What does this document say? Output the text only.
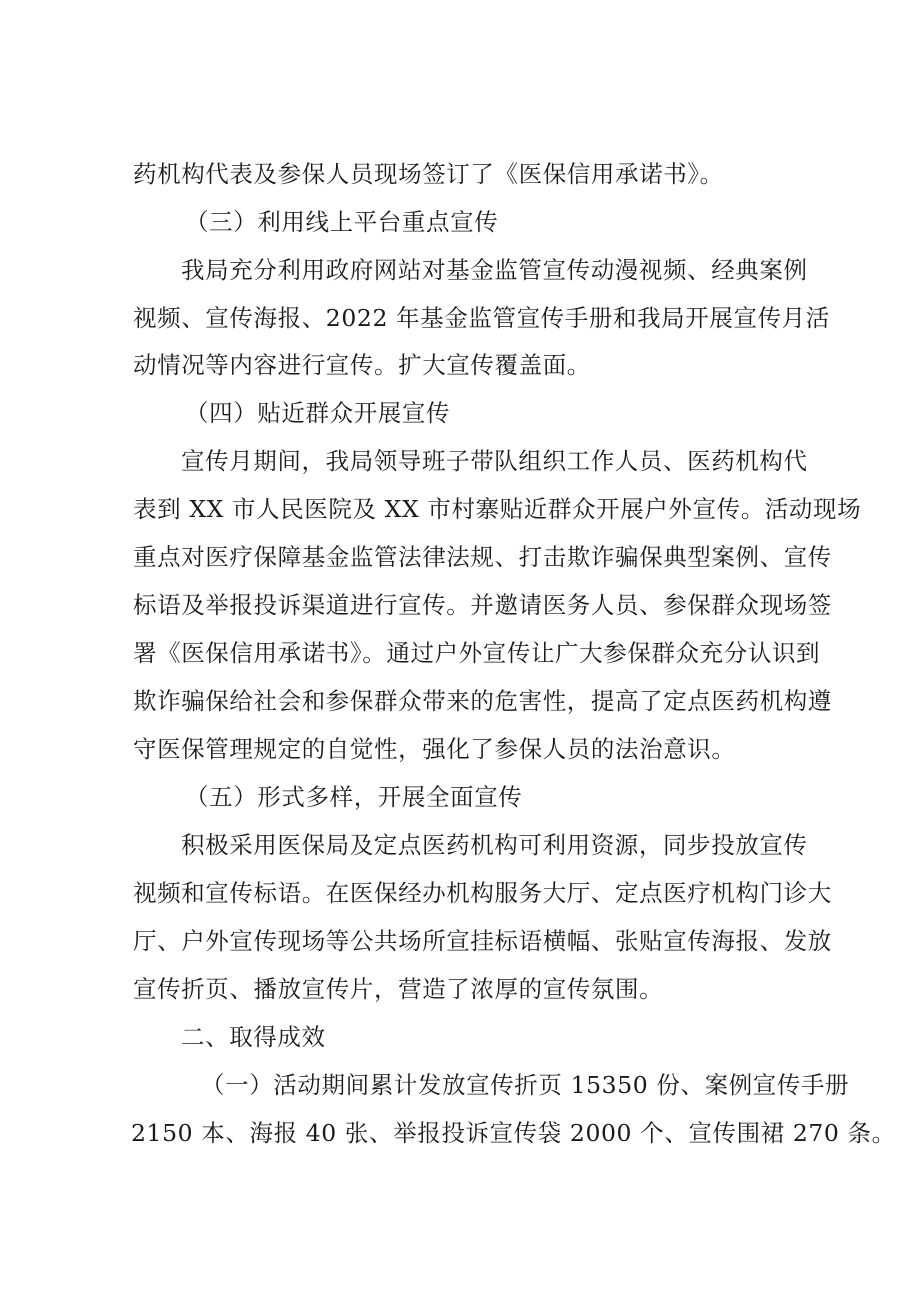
药机构代表及参保人员现场签订了《医保信用承诺书》。
（三）利用线上平台重点宣传
我局充分利用政府网站对基金监管宣传动漫视频、经典案例
视频、宣传海报、2022 年基金监管宣传手册和我局开展宣传月活
动情况等内容进行宣传。扩大宣传覆盖面。
（四）贴近群众开展宣传
宣传月期间，我局领导班子带队组织工作人员、医药机构代
表到 XX 市人民医院及 XX 市村寨贴近群众开展户外宣传。活动现场
重点对医疗保障基金监管法律法规、打击欺诈骗保典型案例、宣传
标语及举报投诉渠道进行宣传。并邀请医务人员、参保群众现场签
署《医保信用承诺书》。通过户外宣传让广大参保群众充分认识到
欺诈骗保给社会和参保群众带来的危害性，提高了定点医药机构遵
守医保管理规定的自觉性，强化了参保人员的法治意识。
（五）形式多样，开展全面宣传
积极采用医保局及定点医药机构可利用资源，同步投放宣传
视频和宣传标语。在医保经办机构服务大厅、定点医疗机构门诊大
厅、户外宣传现场等公共场所宣挂标语横幅、张贴宣传海报、发放
宣传折页、播放宣传片，营造了浓厚的宣传氛围。
二、取得成效
（一）活动期间累计发放宣传折页 15350 份、案例宣传手册
2150 本、海报 40 张、举报投诉宣传袋 2000 个、宣传围裙 270 条。
